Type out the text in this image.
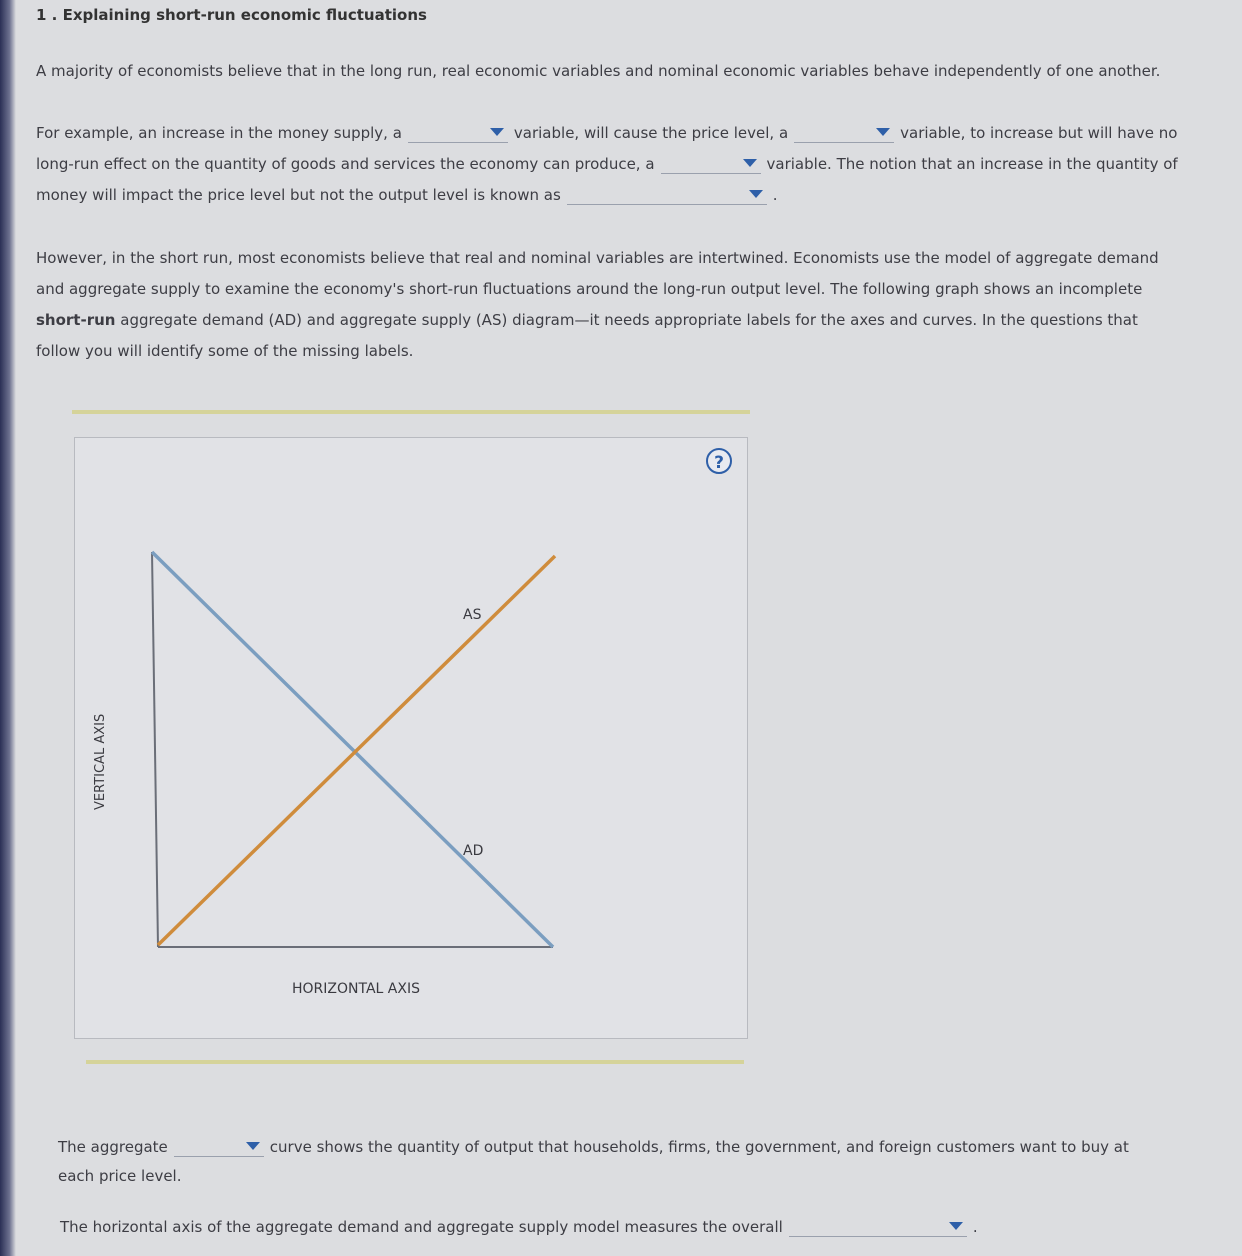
1 . Explaining short-run economic fluctuations
A majority of economists believe that in the long run, real economic variables and nominal economic variables behave independently of one another.
For example, an increase in the money supply, a	variable, will cause the price level, a	variable, to increase but will have no long-run effect on the quantity of goods and services the economy can produce, a	variable. The notion that an increase in the quantity of money will impact the price level but not the output level is known as	.
However, in the short run, most economists believe that real and nominal variables are intertwined. Economists use the model of aggregate demand and aggregate supply to examine the economy's short-run fluctuations around the long-run output level. The following graph shows an incomplete short-run aggregate demand (AD) and aggregate supply (AS) diagram—it needs appropriate labels for the axes and curves. In the questions that follow you will identify some of the missing labels.
?
AS
AD
HORIZONTAL AXIS
VERTICAL AXIS
The aggregate	curve shows the quantity of output that households, firms, the government, and foreign customers want to buy at each price level.
The horizontal axis of the aggregate demand and aggregate supply model measures the overall	.
